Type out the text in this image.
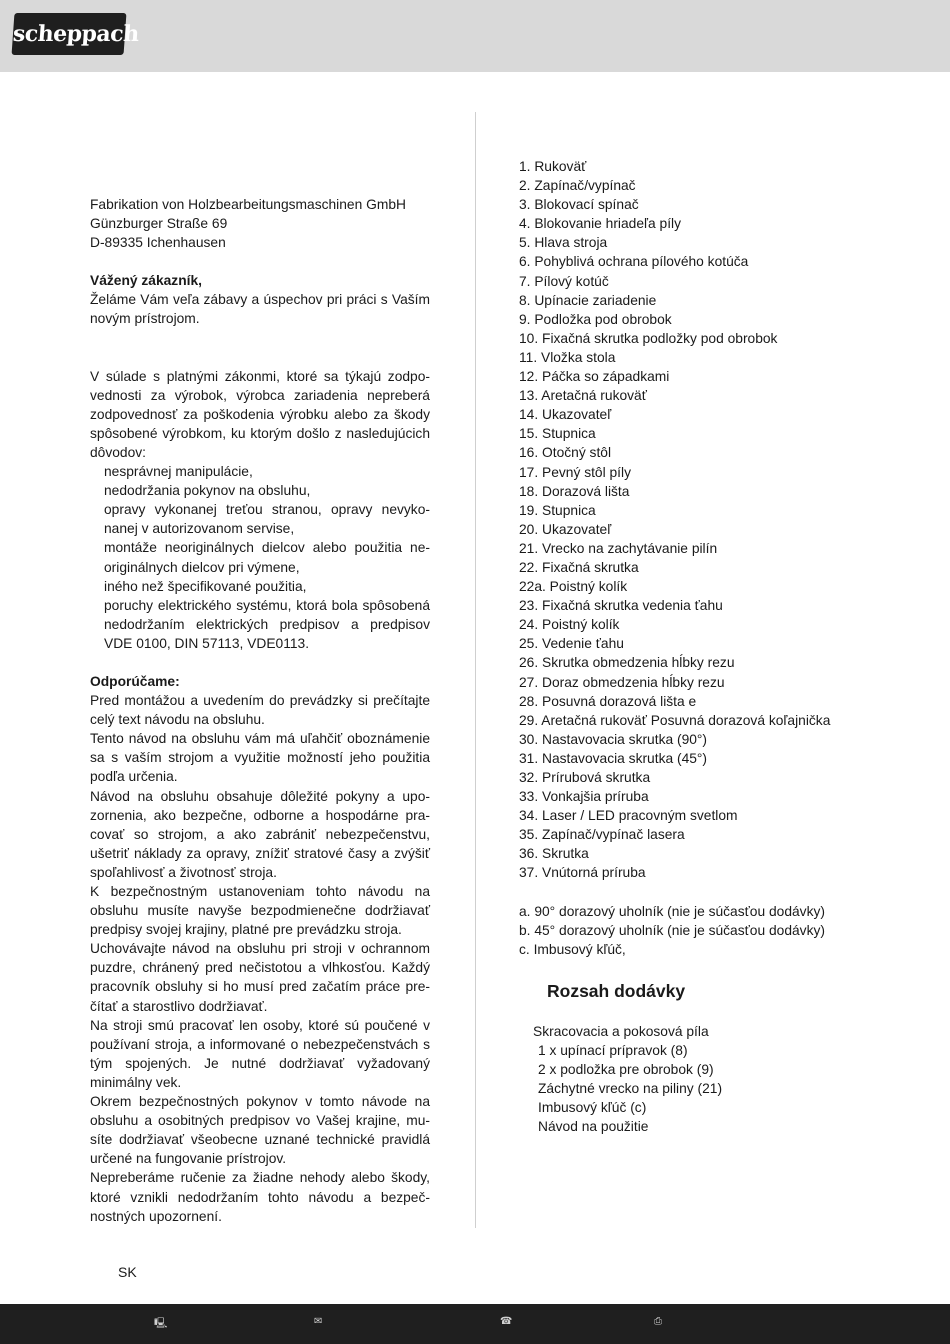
scheppach

Fabrikation von Holzbearbeitungsmaschinen GmbH

Günzburger Straße 69

D-89335 Ichenhausen

Vážený zákazník,

Želáme Vám veľa zábavy a úspechov pri práci s Vaším novým prístrojom.

V súlade s platnými zákonmi, ktoré sa týkajú zodpovednosti za výrobok, výrobca zariadenia nepreberá zodpovednosť za poškodenia výrobku alebo za škody spôsobené výrobkom, ku ktorým došlo z nasledujúcich dôvodov:

nesprávnej manipulácie,

nedodržania pokynov na obsluhu,

opravy vykonanej treťou stranou, opravy nevykonanej v autorizovanom servise,

montáže neoriginálnych dielcov alebo použitia neoriginálnych dielcov pri výmene,

iného než špecifikované použitia,

poruchy elektrického systému, ktorá bola spôsobená nedodržaním elektrických predpisov a predpisov VDE 0100, DIN 57113, VDE0113.

Odporúčame:

Pred montážou a uvedením do prevádzky si prečítajte celý text návodu na obsluhu.

Tento návod na obsluhu vám má uľahčiť oboznámenie sa s vaším strojom a využitie možností jeho použitia podľa určenia.

Návod na obsluhu obsahuje dôležité pokyny a upozornenia, ako bezpečne, odborne a hospodárne pracovať so strojom, a ako zabrániť nebezpečenstvu, ušetriť náklady za opravy, znížiť stratové časy a zvýšiť spoľahlivosť a životnosť stroja.

K bezpečnostným ustanoveniam tohto návodu na obsluhu musíte navyše bezpodmienečne dodržiavať predpisy svojej krajiny, platné pre prevádzku stroja.

Uchovávajte návod na obsluhu pri stroji v ochrannom puzdre, chránený pred nečistotou a vlhkosťou. Každý pracovník obsluhy si ho musí pred začatím práce prečítať a starostlivo dodržiavať.

Na stroji smú pracovať len osoby, ktoré sú poučené v používaní stroja, a informované o nebezpečenstvách s tým spojených. Je nutné dodržiavať vyžadovaný minimálny vek.

Okrem bezpečnostných pokynov v tomto návode na obsluhu a osobitných predpisov vo Vašej krajine, musíte dodržiavať všeobecne uznané technické pravidlá určené na fungovanie prístrojov.

Nepreberáme ručenie za žiadne nehody alebo škody, ktoré vznikli nedodržaním tohto návodu a bezpečnostných upozornení.

1. Rukoväť
2. Zapínač/vypínač
3. Blokovací spínač
4. Blokovanie hriadeľa píly
5. Hlava stroja
6. Pohyblivá ochrana pílového kotúča
7. Pílový kotúč
8. Upínacie zariadenie
9. Podložka pod obrobok
10. Fixačná skrutka podložky pod obrobok
11. Vložka stola
12. Páčka so západkami
13. Aretačná rukoväť
14. Ukazovateľ
15. Stupnica
16. Otočný stôl
17. Pevný stôl píly
18. Dorazová lišta
19. Stupnica
20. Ukazovateľ
21. Vrecko na zachytávanie pilín
22. Fixačná skrutka
22a. Poistný kolík
23. Fixačná skrutka vedenia ťahu
24. Poistný kolík
25. Vedenie ťahu
26. Skrutka obmedzenia hĺbky rezu
27. Doraz obmedzenia hĺbky rezu
28. Posuvná dorazová lišta e
29. Aretačná rukoväť Posuvná dorazová koľajnička
30. Nastavovacia skrutka (90°)
31. Nastavovacia skrutka (45°)
32. Prírubová skrutka
33. Vonkajšia príruba
34. Laser / LED pracovným svetlom
35. Zapínač/vypínač lasera
36. Skrutka
37. Vnútorná príruba
a. 90° dorazový uholník (nie je súčasťou dodávky)
b. 45° dorazový uholník (nie je súčasťou dodávky)
c. Imbusový kľúč,
Rozsah dodávky

Skracovacia a pokosová píla

1 x upínací prípravok (8)
2 x podložka pre obrobok (9)
Záchytné vrecko na piliny (21)
Imbusový kľúč (c)
Návod na použitie
SK
🖳	✉	☎	⎙
